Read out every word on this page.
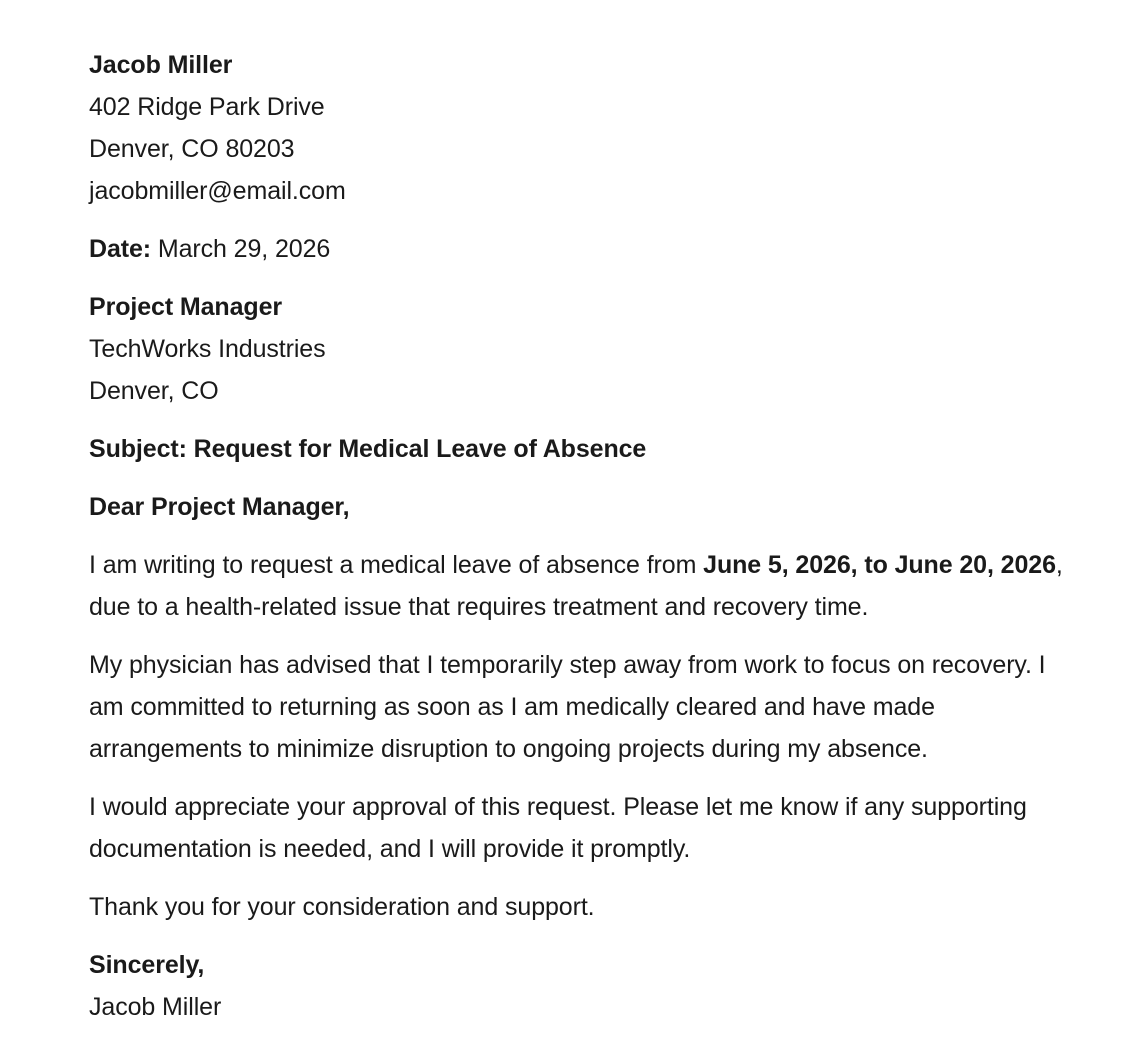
Jacob Miller
402 Ridge Park Drive
Denver, CO 80203
jacobmiller@email.com
Date: March 29, 2026
Project Manager
TechWorks Industries
Denver, CO
Subject: Request for Medical Leave of Absence
Dear Project Manager,

I am writing to request a medical leave of absence from June 5, 2026, to June 20, 2026, due to a health-related issue that requires treatment and recovery time.

My physician has advised that I temporarily step away from work to focus on recovery. I am committed to returning as soon as I am medically cleared and have made arrangements to minimize disruption to ongoing projects during my absence.

I would appreciate your approval of this request. Please let me know if any supporting documentation is needed, and I will provide it promptly.

Thank you for your consideration and support.

Sincerely,
Jacob Miller
